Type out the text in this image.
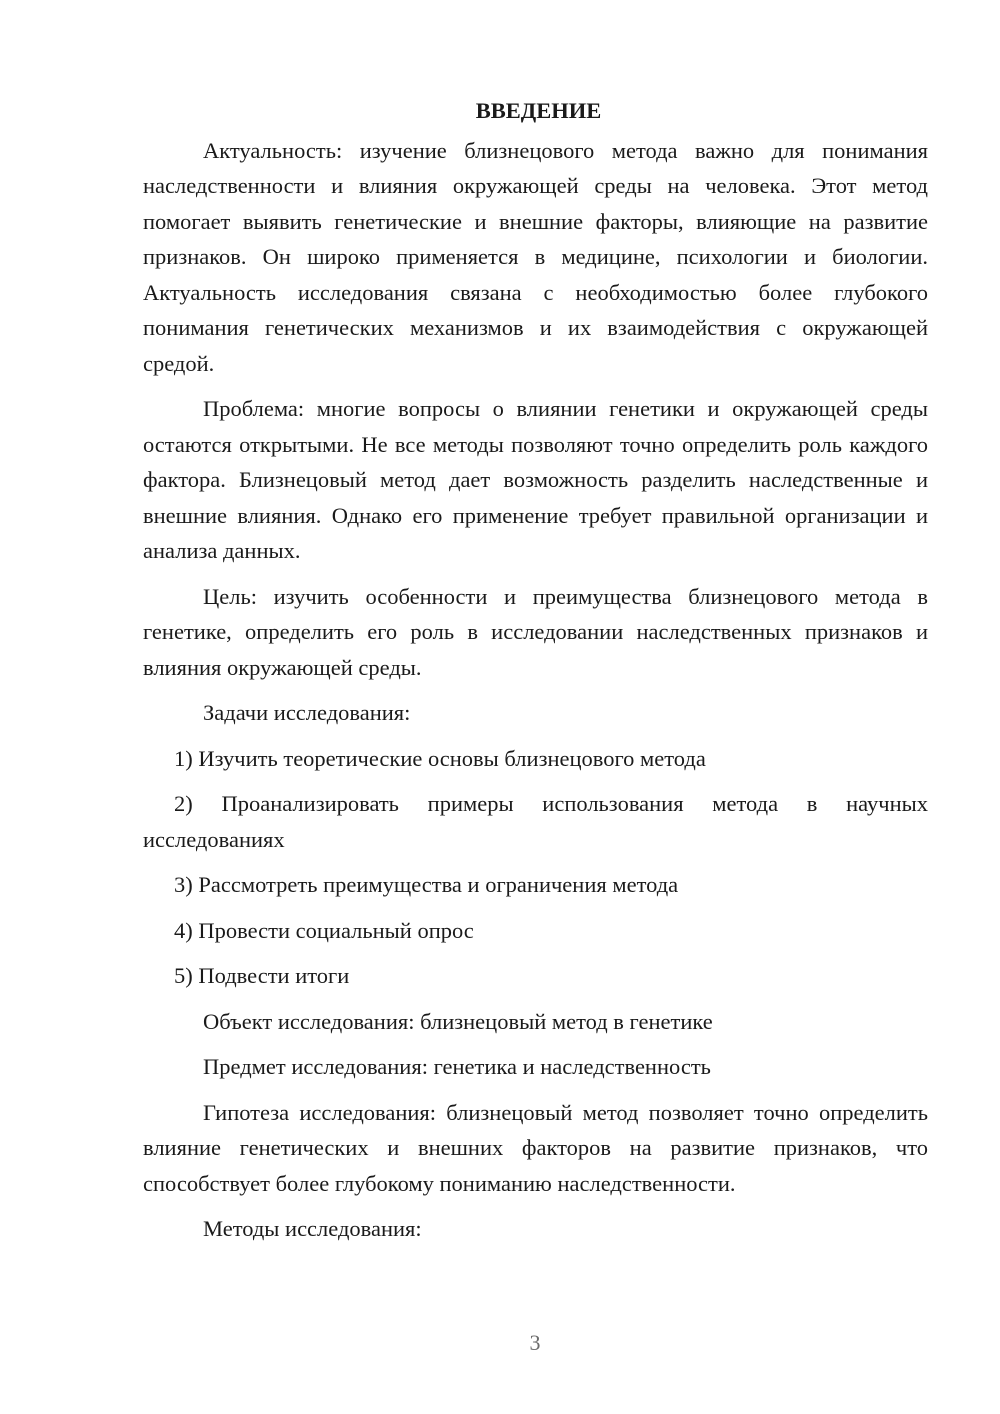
ВВЕДЕНИЕ

Актуальность: изучение близнецового метода важно для понимания наследственности и влияния окружающей среды на человека. Этот метод помогает выявить генетические и внешние факторы, влияющие на развитие признаков. Он широко применяется в медицине, психологии и биологии. Актуальность исследования связана с необходимостью более глубокого понимания генетических механизмов и их взаимодействия с окружающей средой.

Проблема: многие вопросы о влиянии генетики и окружающей среды остаются открытыми. Не все методы позволяют точно определить роль каждого фактора. Близнецовый метод дает возможность разделить наследственные и внешние влияния. Однако его применение требует правильной организации и анализа данных.

Цель: изучить особенности и преимущества близнецового метода в генетике, определить его роль в исследовании наследственных признаков и влияния окружающей среды.

Задачи исследования:

1) Изучить теоретические основы близнецового метода

2) Проанализировать примеры использования метода в научных исследованиях

3) Рассмотреть преимущества и ограничения метода

4) Провести социальный опрос

5) Подвести итоги

Объект исследования: близнецовый метод в генетике

Предмет исследования: генетика и наследственность

Гипотеза исследования: близнецовый метод позволяет точно определить влияние генетических и внешних факторов на развитие признаков, что способствует более глубокому пониманию наследственности.

Методы исследования:

3
